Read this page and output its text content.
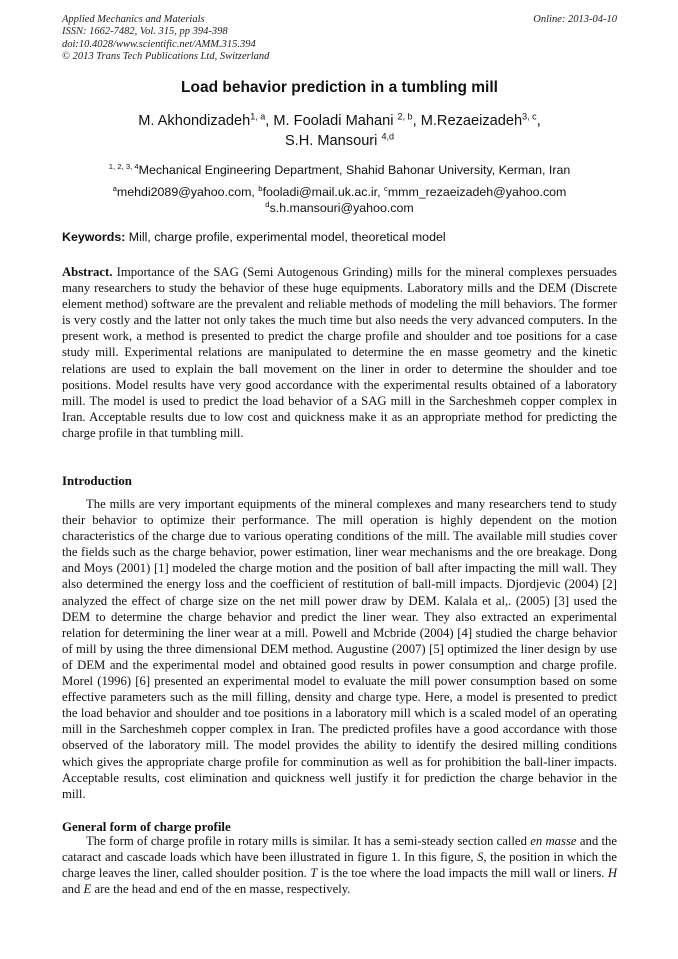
Applied Mechanics and Materials
ISSN: 1662-7482, Vol. 315, pp 394-398
doi:10.4028/www.scientific.net/AMM.315.394
© 2013 Trans Tech Publications Ltd, Switzerland
Online: 2013-04-10
Load behavior prediction in a tumbling mill
M. Akhondizadeh$^{1, a}$, M. Fooladi Mahani $^{2, b}$, M.Rezaeizadeh$^{3, c}$,
S.H. Mansouri $^{4,d}$
$^{1, 2, 3, 4}$Mechanical Engineering Department, Shahid Bahonar University, Kerman, Iran
$^a$mehdi2089@yahoo.com, $^b$fooladi@mail.uk.ac.ir, $^c$mmm_rezaeizadeh@yahoo.com
$^d$s.h.mansouri@yahoo.com
Keywords: Mill, charge profile, experimental model, theoretical model
Abstract. Importance of the SAG (Semi Autogenous Grinding) mills for the mineral complexes persuades many researchers to study the behavior of these huge equipments. Laboratory mills and the DEM (Discrete element method) software are the prevalent and reliable methods of modeling the mill behaviors. The former is very costly and the latter not only takes the much time but also needs the very advanced computers. In the present work, a method is presented to predict the charge profile and shoulder and toe positions for a case study mill. Experimental relations are manipulated to determine the en masse geometry and the kinetic relations are used to explain the ball movement on the liner in order to determine the shoulder and toe positions. Model results have very good accordance with the experimental results obtained of a laboratory mill. The model is used to predict the load behavior of a SAG mill in the Sarcheshmeh copper complex in Iran. Acceptable results due to low cost and quickness make it as an appropriate method for predicting the charge profile in that tumbling mill.
Introduction
The mills are very important equipments of the mineral complexes and many researchers tend to study their behavior to optimize their performance. The mill operation is highly dependent on the motion characteristics of the charge due to various operating conditions of the mill. The available mill studies cover the fields such as the charge behavior, power estimation, liner wear mechanisms and the ore breakage. Dong and Moys (2001) [1] modeled the charge motion and the position of ball after impacting the mill wall. They also determined the energy loss and the coefficient of restitution of ball-mill impacts. Djordjevic (2004) [2] analyzed the effect of charge size on the net mill power draw by DEM. Kalala et al,. (2005) [3] used the DEM to determine the charge behavior and predict the liner wear. They also extracted an experimental relation for determining the liner wear at a mill. Powell and Mcbride (2004) [4] studied the charge behavior of mill by using the three dimensional DEM method. Augustine (2007) [5] optimized the liner design by use of DEM and the experimental model and obtained good results in power consumption and charge profile. Morel (1996) [6] presented an experimental model to evaluate the mill power consumption based on some effective parameters such as the mill filling, density and charge type. Here, a model is presented to predict the load behavior and shoulder and toe positions in a laboratory mill which is a scaled model of an operating mill in the Sarcheshmeh copper complex in Iran. The predicted profiles have a good accordance with those observed of the laboratory mill. The model provides the ability to identify the desired milling conditions which gives the appropriate charge profile for comminution as well as for prohibition the ball-liner impacts. Acceptable results, cost elimination and quickness well justify it for prediction the charge behavior in the mill.
General form of charge profile
The form of charge profile in rotary mills is similar. It has a semi-steady section called en masse and the cataract and cascade loads which have been illustrated in figure 1. In this figure, S, the position in which the charge leaves the liner, called shoulder position. T is the toe where the load impacts the mill wall or liners. H and E are the head and end of the en masse, respectively.
